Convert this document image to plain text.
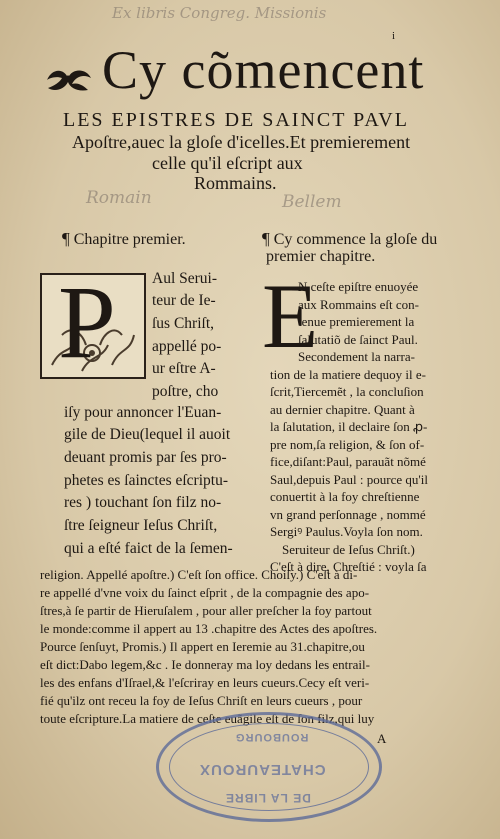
Ex libris Congreg. Missionis
i
Cy cõmencent
LES EPISTRES DE SAINCT PAVL
Apoſtre,auec la gloſe d'icelles.Et premierement
celle qu'il eſcript aux
Rommains.
Romain	Bellem
¶ Chapitre premier.	¶ Cy commence la gloſe du
premier chapitre.
P Aul Serui-
teur de Ie-
ſus Chriſt,
appellé po-
ur eſtre A-
poſtre, cho
iſy pour annoncer l'Euan-
gile de Dieu(lequel il auoit
deuant promis par ſes pro-
phetes es ſainctes eſcriptu-
res ) touchant ſon filz no-
ſtre ſeigneur Ieſus Chriſt,
qui a eſté faict de la ſemen-
E
N ceſte epiſtre enuoyée
aux Rommains eſt con-
tenue premierement la
ſalutatiõ de ſainct Paul.
Secondement la narra-
tion de la matiere dequoy il e-
ſcrit,Tiercemẽt , la concluſion
au dernier chapitre. Quant à
la ſalutation, il declaire ſon ꝓ-
pre nom,ſa religion, & ſon of-
fice,diſant:Paul, parauãt nõmé
Saul,depuis Paul : pource qu'il
conuertit à la foy chreſtienne
vn grand perſonnage , nommé
Sergiꝰ Paulus.Voyla ſon nom.
Seruiteur de Ieſus Chriſt.)
C'eſt à dire, Chreſtié : voyla ſa
religion. Appellé apoſtre.) C'eſt ſon office. Choiſy.) C'eſt à di-
re appellé d'vne voix du ſainct eſprit , de la compagnie des apo-
ſtres,à ſe partir de Hieruſalem , pour aller preſcher la foy partout
le monde:comme il appert au 13 .chapitre des Actes des apoſtres.
Pource ſenſuyt, Promis.) Il appert en Ieremie au 31.chapitre,ou
eſt dict:Dabo legem,&c . Ie donneray ma loy dedans les entrail-
les des enfans d'Iſrael,& l'eſcriray en leurs cueurs.Cecy eſt veri-
fié qu'ilz ont receu la foy de Ieſus Chriſt en leurs cueurs , pour
toute eſcripture.La matiere de ceſte euãgile eſt de ſon filz,qui luy
A
DE LA LIBRE
CHATEAUROUX
ROUBOURG
